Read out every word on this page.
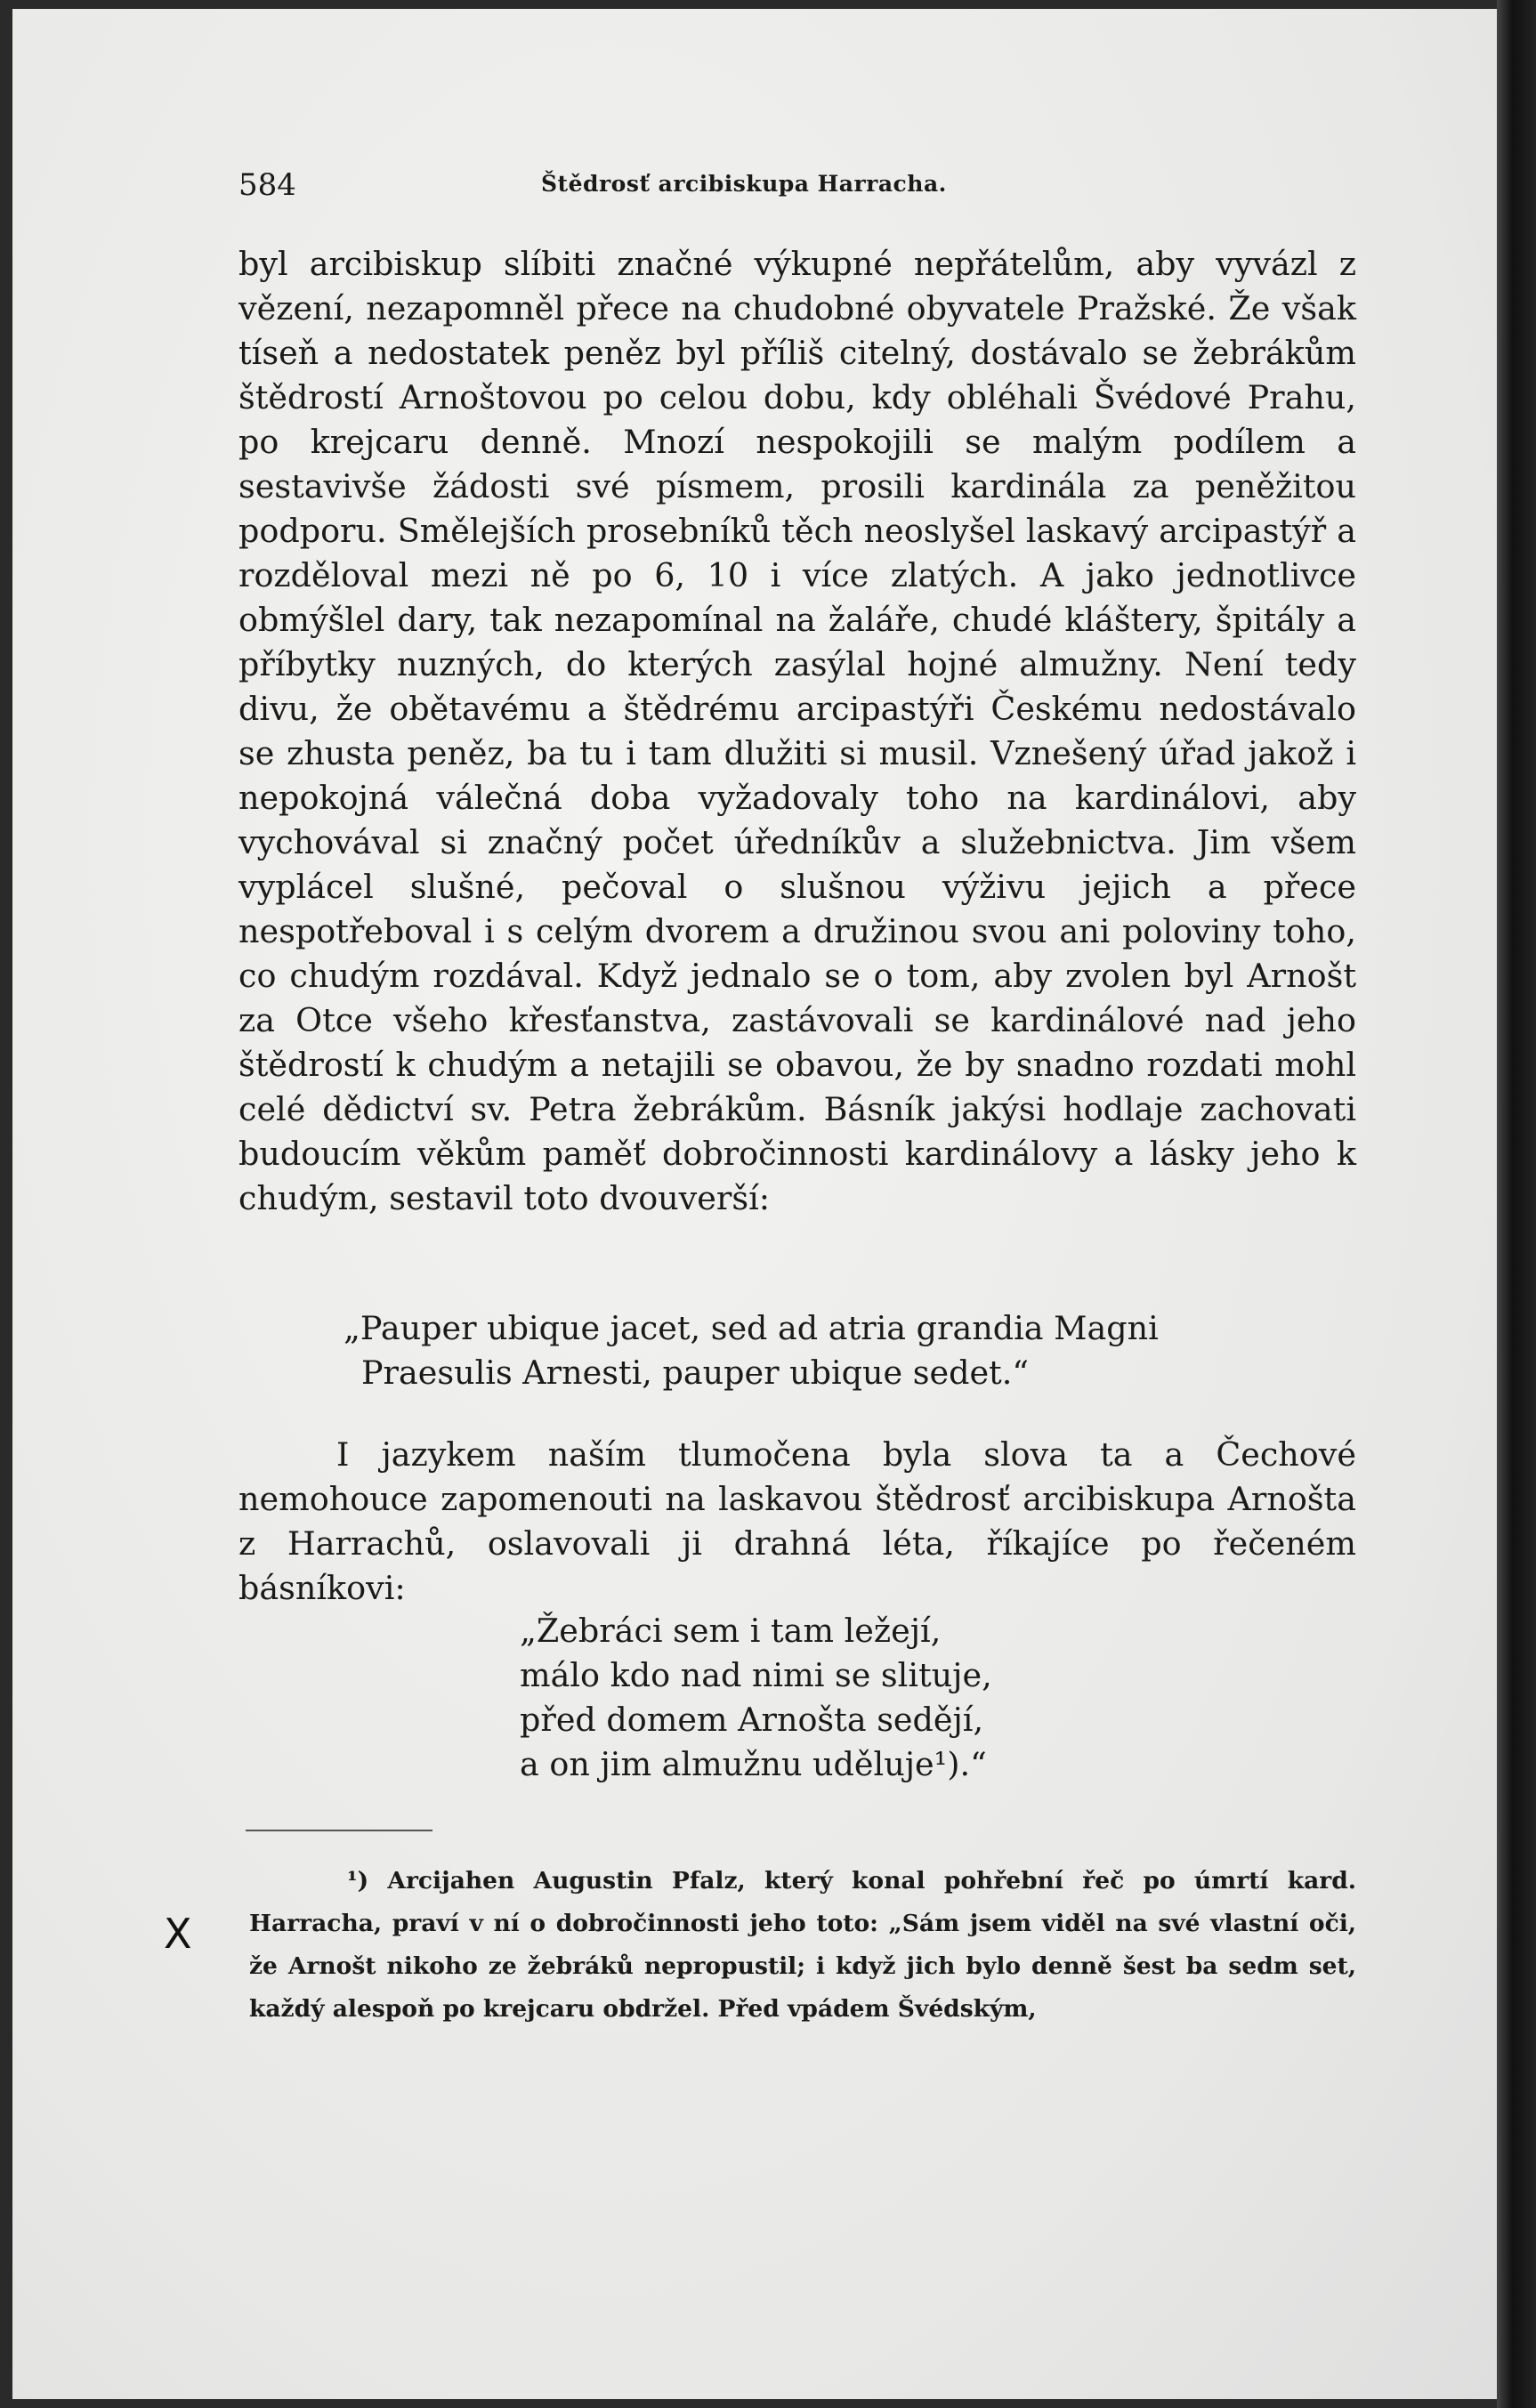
584	Štědrosť arcibiskupa Harracha.

byl arcibiskup slíbiti značné výkupné nepřátelům, aby vyvázl z vězení, nezapomněl přece na chudobné obyvatele Pražské. Že však tíseň a nedostatek peněz byl příliš citelný, dostávalo se žebrákům štědrostí Arnoštovou po celou dobu, kdy obléhali Švédové Prahu, po krejcaru denně. Mnozí nespokojili se malým podílem a sestavivše žádosti své písmem, prosili kardinála za peněžitou podporu. Smělejších prosebníků těch neoslyšel laskavý arcipastýř a rozděloval mezi ně po 6, 10 i více zlatých. A jako jednotlivce obmýšlel dary, tak nezapomínal na žaláře, chudé kláštery, špitály a příbytky nuzných, do kterých zasýlal hojné almužny. Není tedy divu, že obětavému a štědrému arcipastýři Českému nedostávalo se zhusta peněz, ba tu i tam dlužiti si musil. Vznešený úřad jakož i nepokojná válečná doba vyžadovaly toho na kardinálovi, aby vychovával si značný počet úředníkův a služebnictva. Jim všem vyplácel slušné, pečoval o slušnou výživu jejich a přece nespotřeboval i s celým dvorem a družinou svou ani poloviny toho, co chudým rozdával. Když jednalo se o tom, aby zvolen byl Arnošt za Otce všeho křesťanstva, zastávovali se kardinálové nad jeho štědrostí k chudým a netajili se obavou, že by snadno rozdati mohl celé dědictví sv. Petra žebrákům. Básník jakýsi hodlaje zachovati budoucím věkům paměť dobročinnosti kardinálovy a lásky jeho k chudým, sestavil toto dvouverší:

„Pauper ubique jacet, sed ad atria grandia Magni
Praesulis Arnesti, pauper ubique sedet.“

I jazykem naším tlumočena byla slova ta a Čechové nemohouce zapomenouti na laskavou štědrosť arcibiskupa Arnošta z Harrachů, oslavovali ji drahná léta, říkajíce po řečeném básníkovi:

„Žebráci sem i tam ležejí,
málo kdo nad nimi se slituje,
před domem Arnošta sedějí,
a on jim almužnu uděluje¹).“

¹) Arcijahen Augustin Pfalz, který konal pohřební řeč po úmrtí kard. Harracha, praví v ní o dobročinnosti jeho toto: „Sám jsem viděl na své vlastní oči, že Arnošt nikoho ze žebráků nepropustil; i když jich bylo denně šest ba sedm set, každý alespoň po krejcaru obdržel. Před vpádem Švédským,

X
